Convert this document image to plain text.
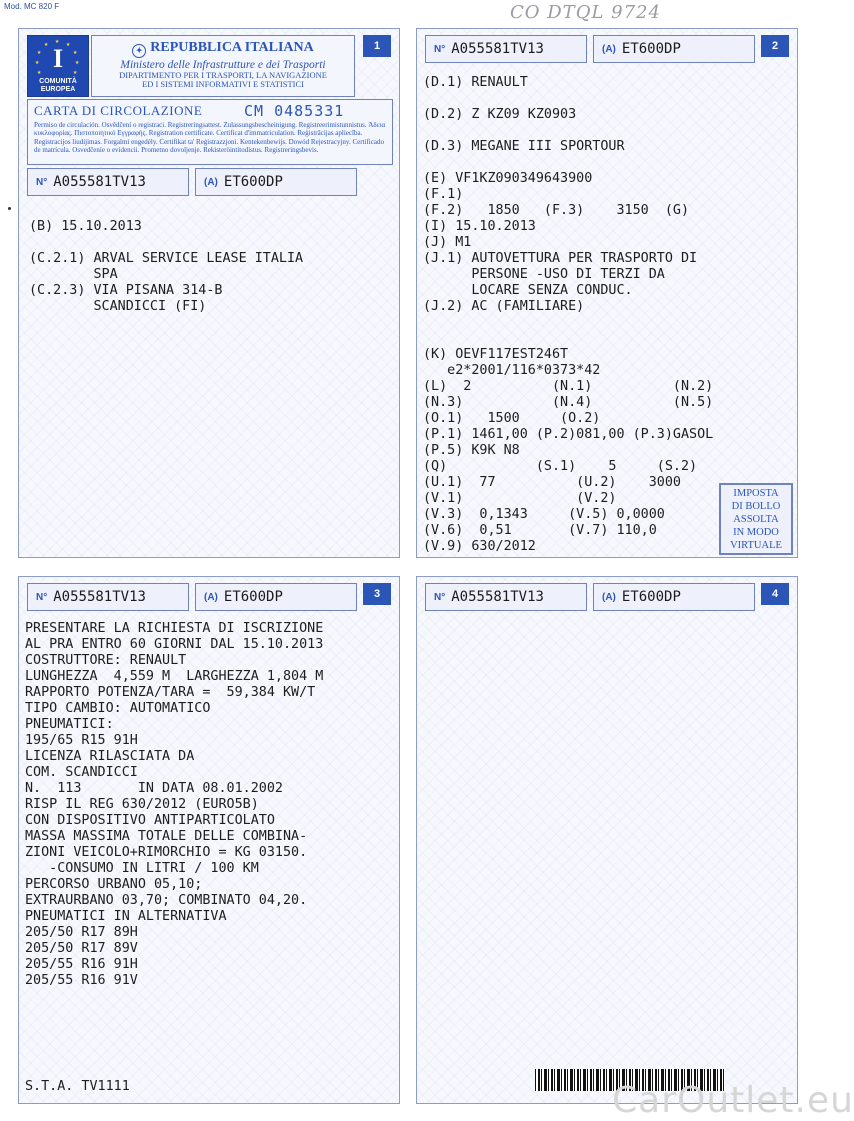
Mod. MC 820 F	CO DTQL 9724
★ ★
★
★
★
★
★
★
★ I
COMUNITÀ EUROPEA
✦ REPUBBLICA ITALIANA
Ministero delle Infrastrutture e dei Trasporti
DIPARTIMENTO PER I TRASPORTI, LA NAVIGAZIONE
ED I SISTEMI INFORMATIVI E STATISTICI
1
CARTA DI CIRCOLAZIONE	CM 0485331
Permiso de circulación. Osvědčení o registraci. Registreringsattest. Zulassungsbescheinigung. Registreerimistunnistus. Άδεια κυκλοφορίας. Πιστοποιητικό Εγγραφής. Registration certificate. Certificat d'immatriculation. Reģistrācijas apliecība. Registracijos liudijimas. Forgalmi engedély. Ċertifikat ta' Reġistrazzjoni. Kentekenbewijs. Dowód Rejestracyjny. Certificado de matrícula. Osvedčenie o evidencii. Prometno dovoljenje. Rekisteröintitodistus. Registreringsbevis.
N° A055581TV13	(A) ET600DP
(B) 15.10.2013

(C.2.1) ARVAL SERVICE LEASE ITALIA
SPA
(C.2.3) VIA PISANA 314-B
SCANDICCI (FI)
N° A055581TV13	(A) ET600DP	2
(D.1) RENAULT

(D.2) Z KZ09 KZ0903

(D.3) MEGANE III SPORTOUR
(E) VF1KZ090349643900
(F.1)
(F.2)   1850   (F.3)    3150  (G)
(I) 15.10.2013
(J) M1
(J.1) AUTOVETTURA PER TRASPORTO DI
PERSONE -USO DI TERZI DA
LOCARE SENZA CONDUC.
(J.2) AC (FAMILIARE)
(K) OEVF117EST246T
e2*2001/116*0373*42
(L)  2          (N.1)          (N.2)
(N.3)           (N.4)          (N.5)
(O.1)   1500     (O.2)
(P.1) 1461,00 (P.2)081,00 (P.3)GASOL
(P.5) K9K N8
(Q)           (S.1)    5     (S.2)
(U.1)  77          (U.2)    3000
(V.1)              (V.2)
(V.3)  0,1343     (V.5) 0,0000
(V.6)  0,51       (V.7) 110,0
(V.9) 630/2012
IMPOSTA
DI BOLLO
ASSOLTA
IN MODO
VIRTUALE
N° A055581TV13	(A) ET600DP	3
PRESENTARE LA RICHIESTA DI ISCRIZIONE
AL PRA ENTRO 60 GIORNI DAL 15.10.2013
COSTRUTTORE: RENAULT
LUNGHEZZA  4,559 M  LARGHEZZA 1,804 M
RAPPORTO POTENZA/TARA =  59,384 KW/T
TIPO CAMBIO: AUTOMATICO
PNEUMATICI:
195/65 R15 91H
LICENZA RILASCIATA DA
COM. SCANDICCI
N.  113       IN DATA 08.01.2002
RISP IL REG 630/2012 (EURO5B)
CON DISPOSITIVO ANTIPARTICOLATO
MASSA MASSIMA TOTALE DELLE COMBINA-
ZIONI VEICOLO+RIMORCHIO = KG 03150.
-CONSUMO IN LITRI / 100 KM
PERCORSO URBANO 05,10;
EXTRAURBANO 03,70; COMBINATO 04,20.
PNEUMATICI IN ALTERNATIVA
205/50 R17 89H
205/50 R17 89V
205/55 R16 91H
205/55 R16 91V
S.T.A. TV1111
N° A055581TV13	(A) ET600DP	4
CarOutlet.eu
